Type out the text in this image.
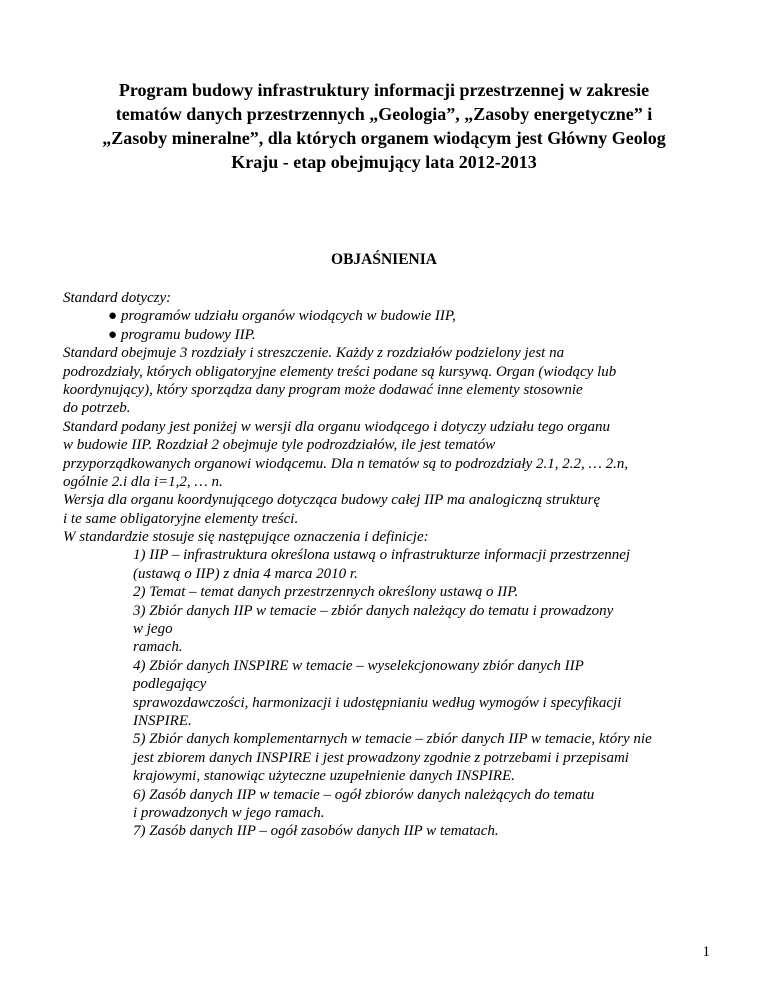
Program budowy infrastruktury informacji przestrzennej w zakresie
tematów danych przestrzennych „Geologia”, „Zasoby energetyczne” i
„Zasoby mineralne”, dla których organem wiodącym jest Główny Geolog
Kraju - etap obejmujący lata 2012-2013
OBJAŚNIENIA
Standard dotyczy:
● programów udziału organów wiodących w budowie IIP,
● programu budowy IIP.
Standard obejmuje 3 rozdziały i streszczenie. Każdy z rozdziałów podzielony jest na
podrozdziały, których obligatoryjne elementy treści podane są kursywą. Organ (wiodący lub
koordynujący), który sporządza dany program może dodawać inne elementy stosownie
do potrzeb.
Standard podany jest poniżej w wersji dla organu wiodącego i dotyczy udziału tego organu
w budowie IIP. Rozdział 2 obejmuje tyle podrozdziałów, ile jest tematów
przyporządkowanych organowi wiodącemu. Dla n tematów są to podrozdziały 2.1, 2.2, … 2.n,
ogólnie 2.i dla i=1,2, … n.
Wersja dla organu koordynującego dotycząca budowy całej IIP ma analogiczną strukturę
i te same obligatoryjne elementy treści.
W standardzie stosuje się następujące oznaczenia i definicje:
1) IIP – infrastruktura określona ustawą o infrastrukturze informacji przestrzennej
(ustawą o IIP) z dnia 4 marca 2010 r.
2) Temat – temat danych przestrzennych określony ustawą o IIP.
3) Zbiór danych IIP w temacie – zbiór danych należący do tematu i prowadzony
w jego
ramach.
4) Zbiór danych INSPIRE w temacie – wyselekcjonowany zbiór danych IIP
podlegający
sprawozdawczości, harmonizacji i udostępnianiu według wymogów i specyfikacji
INSPIRE.
5) Zbiór danych komplementarnych w temacie – zbiór danych IIP w temacie, który nie
jest zbiorem danych INSPIRE i jest prowadzony zgodnie z potrzebami i przepisami
krajowymi, stanowiąc użyteczne uzupełnienie danych INSPIRE.
6) Zasób danych IIP w temacie – ogół zbiorów danych należących do tematu
i prowadzonych w jego ramach.
7) Zasób danych IIP – ogół zasobów danych IIP w tematach.
1
